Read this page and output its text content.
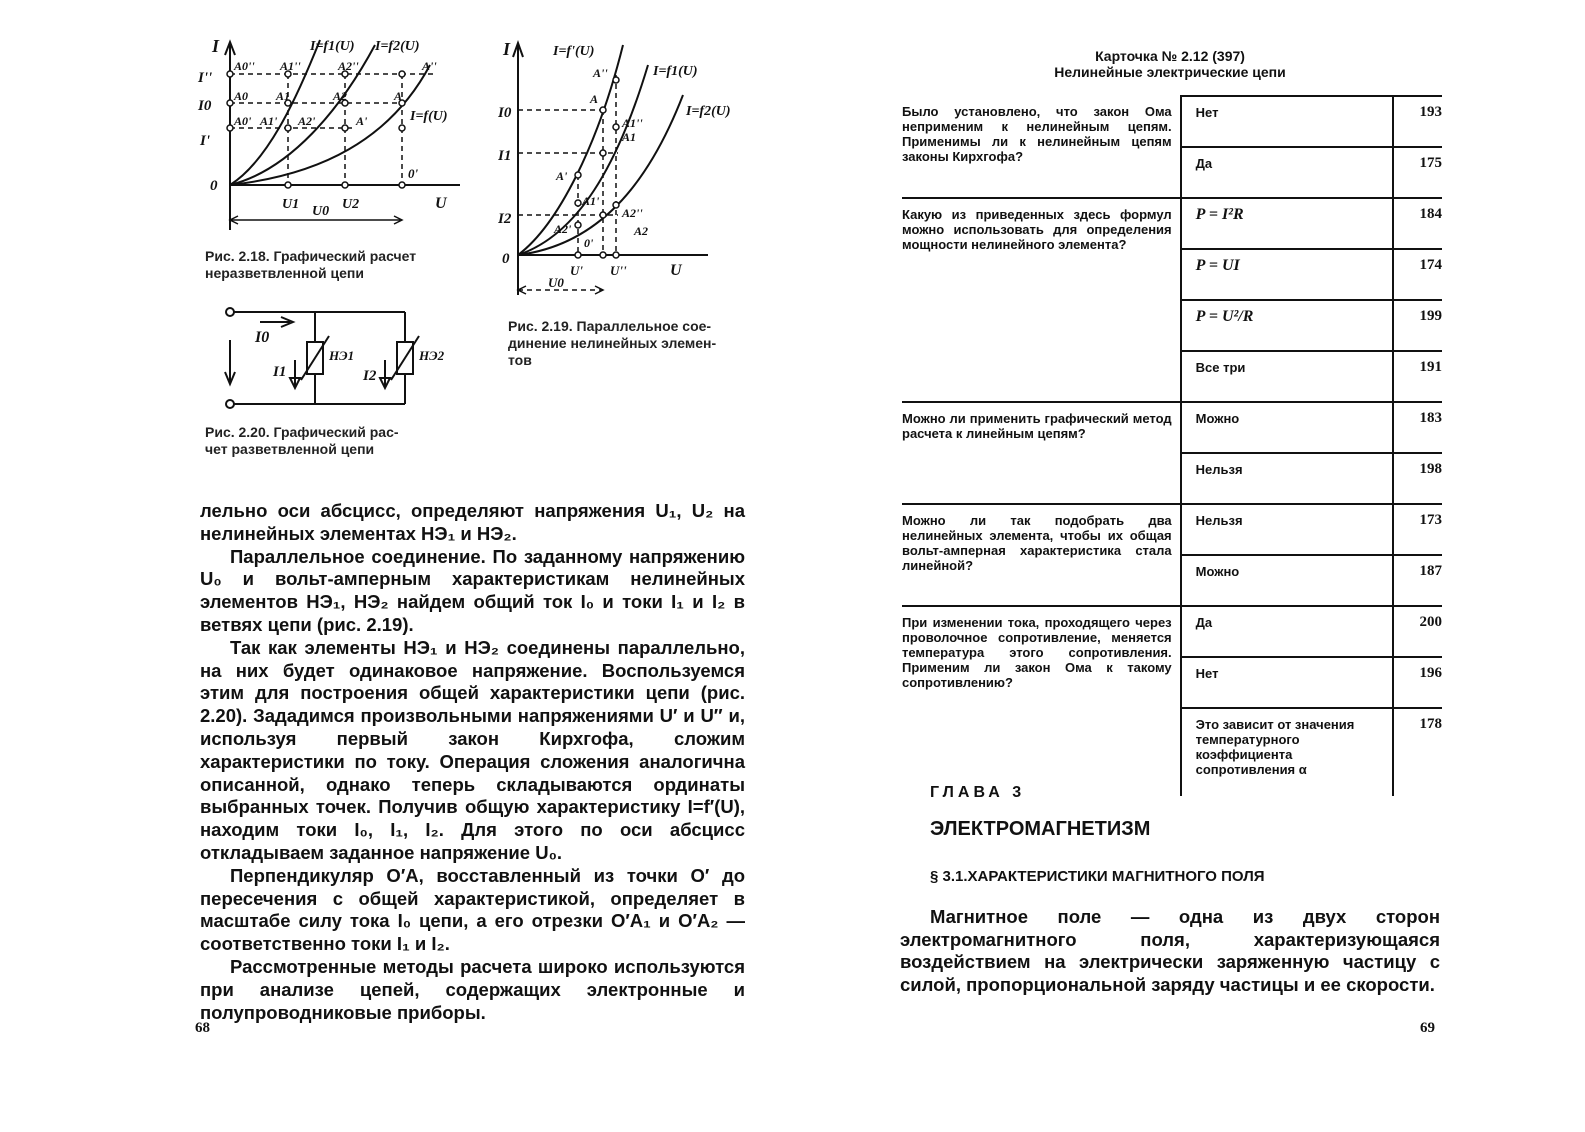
I
I''
I0
I'
0
I=f1(U) I=f2(U)
I=f(U)
A0'' A1''	A2''	A''
A0 A1	A2	A
A0' A1' A2'	A'
0'
U1	U2
U0	U
Рис. 2.18. Графический расчет
неразветвленной цепи
I	I=f'(U)
I=f1(U)
I=f2(U)
I0
I1
I2
0
A''
A
A1''
A1
A'
A1'
A2'
A2''
A2
0'
U' U''	U
U0
Рис. 2.19. Параллельное сое-
динение нелинейных элемен-
тов
I0
I1	I2
НЭ1	НЭ2
Рис. 2.20. Графический рас-
чет разветвленной цепи

лельно оси абсцисс, определяют напряжения U₁, U₂ на нелинейных элементах НЭ₁ и НЭ₂.

Параллельное соединение. По заданному напряжению U₀ и вольт-амперным характеристикам нелинейных элементов НЭ₁, НЭ₂ найдем общий ток I₀ и токи I₁ и I₂ в ветвях цепи (рис. 2.19).

Так как элементы НЭ₁ и НЭ₂ соединены параллельно, на них будет одинаковое напряжение. Воспользуемся этим для построения общей характеристики цепи (рис. 2.20). Зададимся произвольными напряжениями U′ и U″ и, используя первый закон Кирхгофа, сложим характеристики по току. Операция сложения аналогична описанной, однако теперь складываются ординаты выбранных точек. Получив общую характеристику I=f′(U), находим токи I₀, I₁, I₂. Для этого по оси абсцисс откладываем заданное напряжение U₀.

Перпендикуляр O′A, восставленный из точки O′ до пересечения с общей характеристикой, определяет в масштабе силу тока I₀ цепи, а его отрезки O′A₁ и O′A₂ — соответственно токи I₁ и I₂.

Рассмотренные методы расчета широко используются при анализе цепей, содержащих электронные и полупроводниковые приборы.

68
Карточка № 2.12 (397)
Нелинейные электрические цепи
Было установлено, что закон Ома неприменим к нелинейным цепям. Применимы ли к нелинейным цепям законы Кирхгофа?	Нет	193
	Да	175
Какую из приведенных здесь формул можно использовать для определения мощности нелинейного элемента?	P = I²R	184
	P = UI	174
	P = U²/R	199
	Все три	191
Можно ли применить графический метод расчета к линейным цепям?	Можно	183
	Нельзя	198
Можно ли так подобрать два нелинейных элемента, чтобы их общая вольт-амперная характеристика стала линейной?	Нельзя	173
	Можно	187
При изменении тока, проходящего через проволочное сопротивление, меняется температура этого сопротивления. Применим ли закон Ома к такому сопротивлению?	Да	200
	Нет	196
	Это зависит от значения температурного коэффициента сопротивления α	178
ГЛАВА 3
ЭЛЕКТРОМАГНЕТИЗМ
§ 3.1.ХАРАКТЕРИСТИКИ МАГНИТНОГО ПОЛЯ

Магнитное поле — одна из двух сторон электромагнитного поля, характеризующаяся воздействием на электрически заряженную частицу с силой, пропорциональной заряду частицы и ее скорости.

69
